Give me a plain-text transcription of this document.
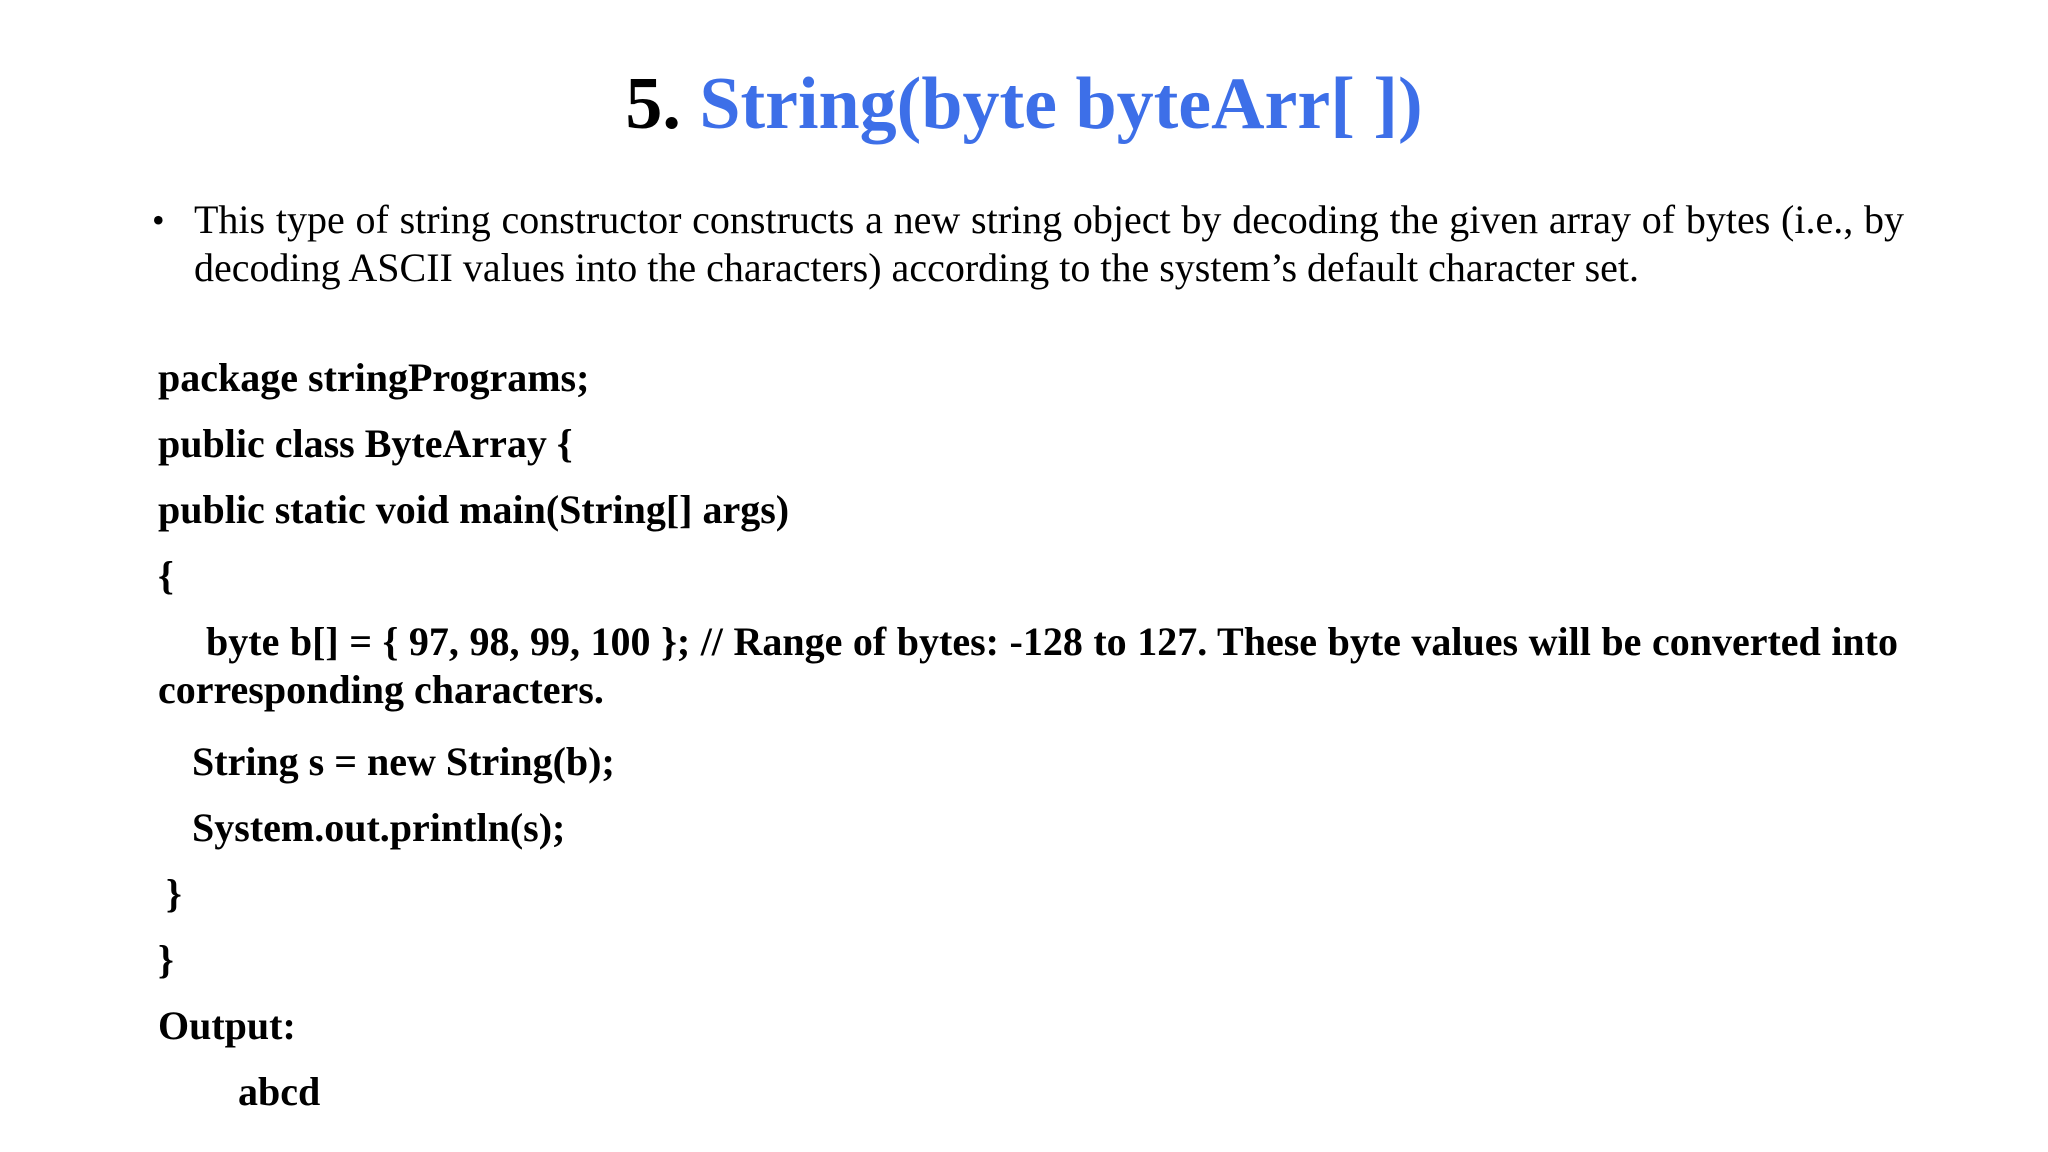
5. String(byte byteArr[ ])
• This type of string constructor constructs a new string object by decoding the given array of bytes (i.e., by decoding ASCII values into the characters) according to the system’s default character set.
package stringPrograms;
public class ByteArray {
public static void main(String[] args)
{
byte b[] = { 97, 98, 99, 100 }; // Range of bytes: -128 to 127. These byte values will be converted into corresponding characters.
String s = new String(b);
System.out.println(s);
}
}
Output:
abcd
